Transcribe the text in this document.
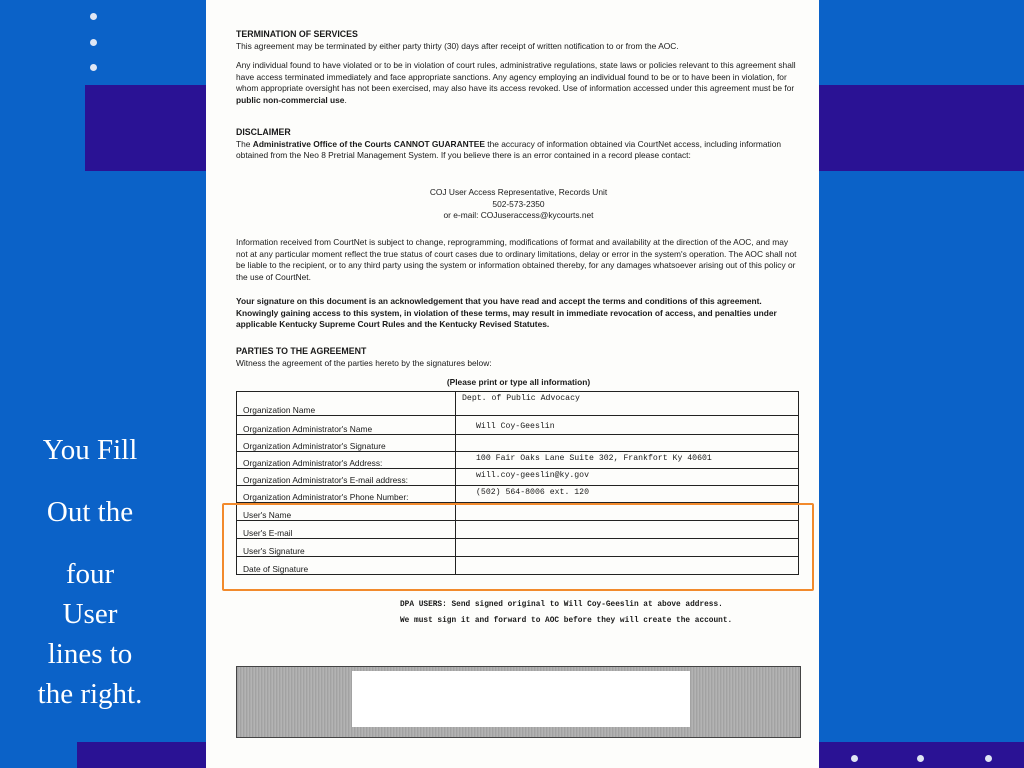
You Fill
Out the
four
User
lines to
the right.
TERMINATION OF SERVICES
This agreement may be terminated by either party thirty (30) days after receipt of written notification to or from the AOC.
Any individual found to have violated or to be in violation of court rules, administrative regulations, state laws or policies relevant to this agreement shall have access terminated immediately and face appropriate sanctions. Any agency employing an individual found to be or to have been in violation, for whom appropriate oversight has not been exercised, may also have its access revoked. Use of information accessed under this agreement must be for public non-commercial use.
DISCLAIMER
The Administrative Office of the Courts CANNOT GUARANTEE the accuracy of information obtained via CourtNet access, including information obtained from the Neo 8 Pretrial Management System. If you believe there is an error contained in a record please contact:
COJ User Access Representative, Records Unit
502-573-2350
or e-mail: COJuseraccess@kycourts.net
Information received from CourtNet is subject to change, reprogramming, modifications of format and availability at the direction of the AOC, and may not at any particular moment reflect the true status of court cases due to ordinary limitations, delay or error in the system's operation. The AOC shall not be liable to the recipient, or to any third party using the system or information obtained thereby, for any damages whatsoever arising out of this policy or the use of CourtNet.
Your signature on this document is an acknowledgement that you have read and accept the terms and conditions of this agreement. Knowingly gaining access to this system, in violation of these terms, may result in immediate revocation of access, and penalties under applicable Kentucky Supreme Court Rules and the Kentucky Revised Statutes.
PARTIES TO THE AGREEMENT
Witness the agreement of the parties hereto by the signatures below:
(Please print or type all information)
Organization Name	Dept. of Public Advocacy
Organization Administrator's Name	Will Coy-Geeslin
Organization Administrator's Signature	
Organization Administrator's Address:	100 Fair Oaks Lane Suite 302, Frankfort Ky 40601
Organization Administrator's E-mail address:	will.coy-geeslin@ky.gov
Organization Administrator's Phone Number:	(502) 564-8006 ext. 120
User's Name	
User's E-mail	
User's Signature	
Date of Signature	
DPA USERS: Send signed original to Will Coy-Geeslin at above address.
We must sign it and forward to AOC before they will create the account.
